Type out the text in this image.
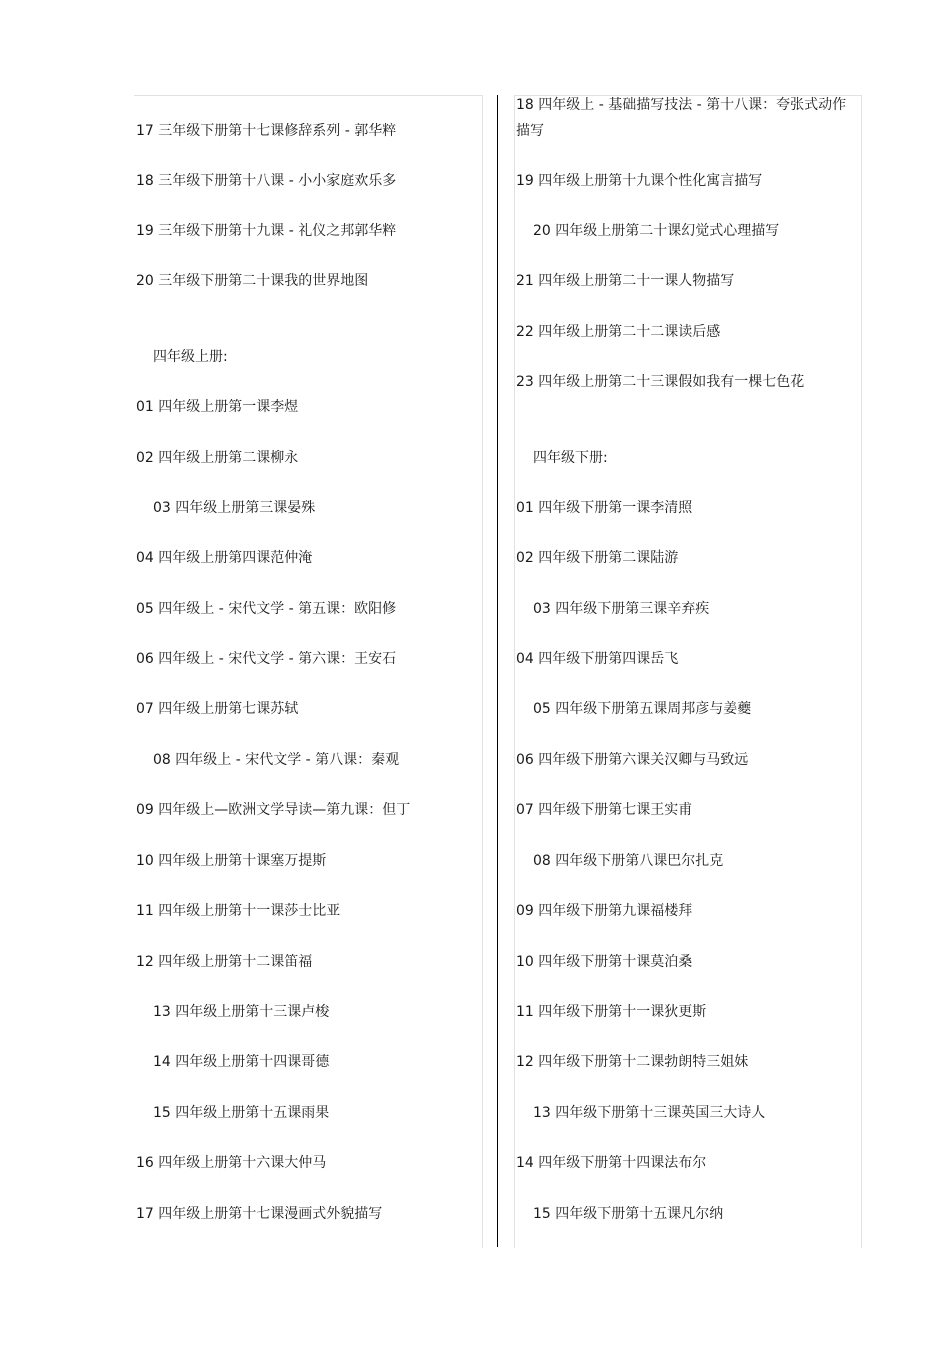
17 三年级下册第十七课修辞系列 - 郭华粹
18 三年级下册第十八课 - 小小家庭欢乐多
19 三年级下册第十九课 - 礼仪之邦郭华粹
20 三年级下册第二十课我的世界地图
四年级上册:
01 四年级上册第一课李煜
02 四年级上册第二课柳永
03 四年级上册第三课晏殊
04 四年级上册第四课范仲淹
05 四年级上 - 宋代文学 - 第五课：欧阳修
06 四年级上 - 宋代文学 - 第六课：王安石
07 四年级上册第七课苏轼
08 四年级上 - 宋代文学 - 第八课：秦观
09 四年级上—欧洲文学导读—第九课：但丁
10 四年级上册第十课塞万提斯
11 四年级上册第十一课莎士比亚
12 四年级上册第十二课笛福
13 四年级上册第十三课卢梭
14 四年级上册第十四课哥德
15 四年级上册第十五课雨果
16 四年级上册第十六课大仲马
17 四年级上册第十七课漫画式外貌描写
18 四年级上 - 基础描写技法 - 第十八课：夸张式动作描写
19 四年级上册第十九课个性化寓言描写
20 四年级上册第二十课幻觉式心理描写
21 四年级上册第二十一课人物描写
22 四年级上册第二十二课读后感
23 四年级上册第二十三课假如我有一棵七色花
四年级下册:
01 四年级下册第一课李清照
02 四年级下册第二课陆游
03 四年级下册第三课辛弃疾
04 四年级下册第四课岳飞
05 四年级下册第五课周邦彦与姜夔
06 四年级下册第六课关汉卿与马致远
07 四年级下册第七课王实甫
08 四年级下册第八课巴尔扎克
09 四年级下册第九课福楼拜
10 四年级下册第十课莫泊桑
11 四年级下册第十一课狄更斯
12 四年级下册第十二课勃朗特三姐妹
13 四年级下册第十三课英国三大诗人
14 四年级下册第十四课法布尔
15 四年级下册第十五课凡尔纳
